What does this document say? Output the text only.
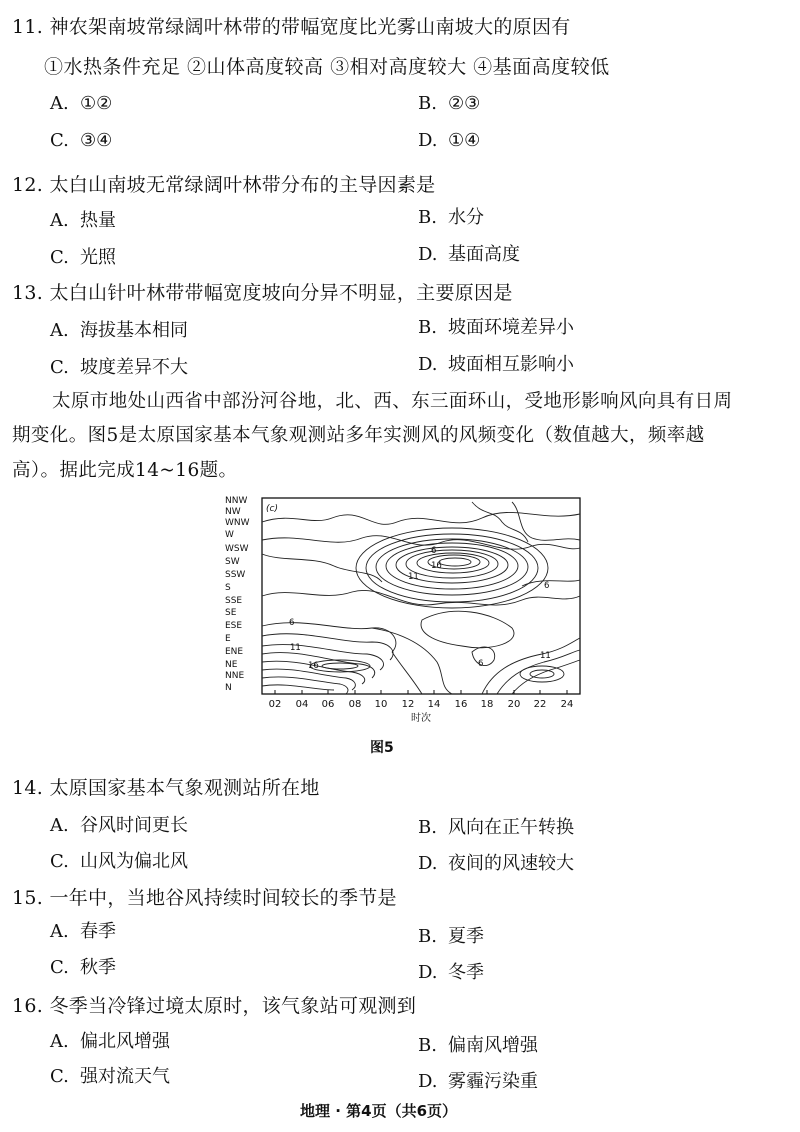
11. 神农架南坡常绿阔叶林带的带幅宽度比光雾山南坡大的原因有
①水热条件充足 ②山体高度较高 ③相对高度较大 ④基面高度较低
A. ①②	B. ②③
C. ③④	D. ①④
12. 太白山南坡无常绿阔叶林带分布的主导因素是
A. 热量	B. 水分
C. 光照	D. 基面高度
13. 太白山针叶林带带幅宽度坡向分异不明显，主要原因是
A. 海拔基本相同	B. 坡面环境差异小
C. 坡度差异不大	D. 坡面相互影响小
太原市地处山西省中部汾河谷地，北、西、东三面环山，受地形影响风向具有日周
期变化。图5是太原国家基本气象观测站多年实测风的风频变化（数值越大，频率越
高）。据此完成14~16题。
NNW
NW
WNW
W
WSW
SW
SSW
S
SSE
SE
ESE
E
ENE
NE
NNE
N
(c)
6
11
16
6
6
11
16	6
11
02 04 06 08 10 12 14 16 18 20 22 24
时次
图5
14. 太原国家基本气象观测站所在地
A. 谷风时间更长	B. 风向在正午转换
C. 山风为偏北风	D. 夜间的风速较大
15. 一年中，当地谷风持续时间较长的季节是
A. 春季	B. 夏季
C. 秋季	D. 冬季
16. 冬季当冷锋过境太原时，该气象站可观测到
A. 偏北风增强	B. 偏南风增强
C. 强对流天气	D. 雾霾污染重
地理 · 第4页（共6页）
